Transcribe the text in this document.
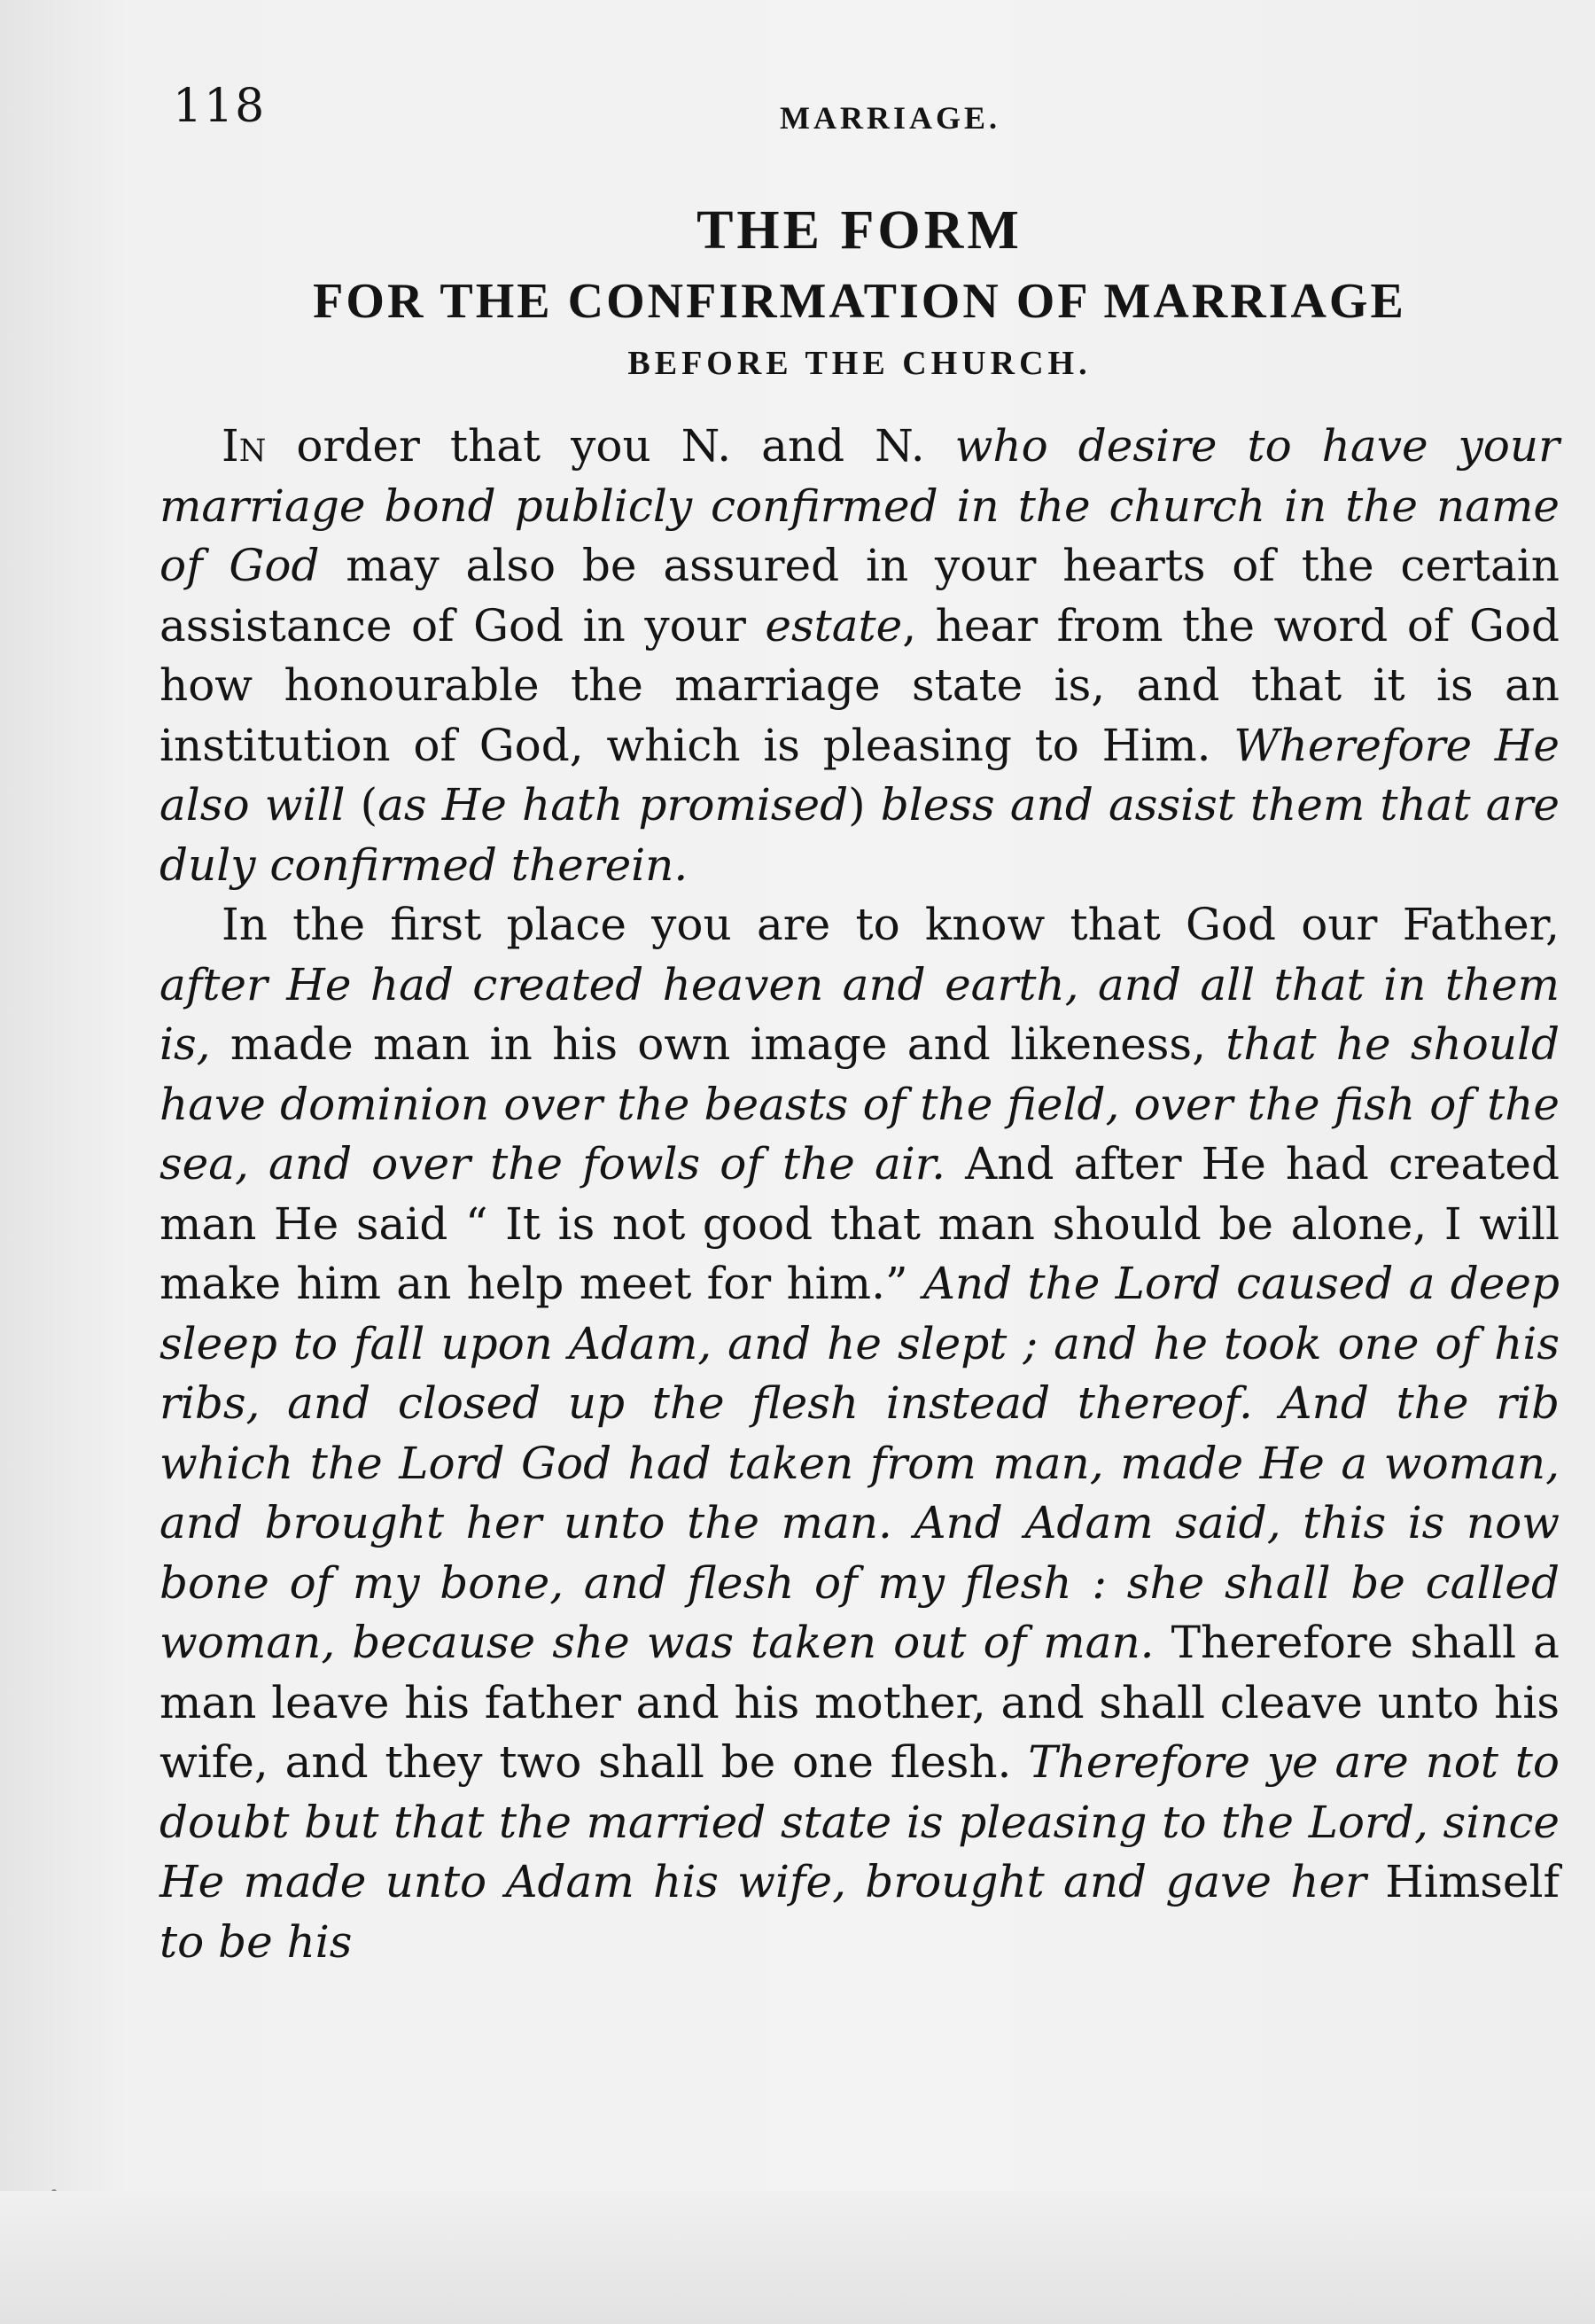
118	MARRIAGE.

THE FORM

FOR THE CONFIRMATION OF MARRIAGE

BEFORE THE CHURCH.

In order that you N. and N. who desire to have your marriage bond publicly confirmed in the church in the name of God may also be assured in your hearts of the certain assistance of God in your estate, hear from the word of God how honourable the marriage state is, and that it is an institution of God, which is pleasing to Him. Wherefore He also will (as He hath promised) bless and assist them that are duly confirmed therein.

In the first place you are to know that God our Father, after He had created heaven and earth, and all that in them is, made man in his own image and likeness, that he should have dominion over the beasts of the field, over the fish of the sea, and over the fowls of the air. And after He had created man He said “ It is not good that man should be alone, I will make him an help meet for him.” And the Lord caused a deep sleep to fall upon Adam, and he slept ; and he took one of his ribs, and closed up the flesh instead thereof. And the rib which the Lord God had taken from man, made He a woman, and brought her unto the man. And Adam said, this is now bone of my bone, and flesh of my flesh : she shall be called woman, because she was taken out of man. Therefore shall a man leave his father and his mother, and shall cleave unto his wife, and they two shall be one flesh. Therefore ye are not to doubt but that the married state is pleasing to the Lord, since He made unto Adam his wife, brought and gave her Himself to be his
